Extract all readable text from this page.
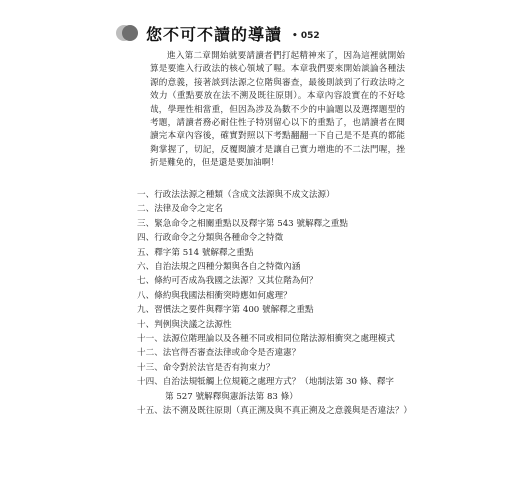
您不可不讀的導讀 • 052

進入第二章開始就要請讀者們打起精神來了，因為這裡就開始算是要進入行政法的核心領域了喔。本章我們要來開始談論各種法源的意義，接著談到法源之位階與審查，最後則談到了行政法時之效力（重點要放在法不溯及既往原則）。本章內容設實在的不好唸哉，學理性相當重，但因為涉及為數不少的申論題以及選擇題型的考題，請讀者務必耐住性子特別留心以下的重點了，也請讀者在閱讀完本章內容後，確實對照以下考點翻翻一下自己是不是真的都能夠掌握了，切記，反覆閱讀才是讓自己實力增進的不二法門喔，挫折是難免的，但是還是要加油啊！

一、行政法法源之種類（含成文法源與不成文法源）
二、法律及命令之定名
三、緊急命令之相關重點以及釋字第 543 號解釋之重點
四、行政命令之分類與各種命令之特徵
五、釋字第 514 號解釋之重點
六、自治法規之四種分類與各自之特徵內涵
七、條約可否成為我國之法源？又其位階為何？
八、條約與我國法相衝突時應如何處理？
九、習慣法之要件與釋字第 400 號解釋之重點
十、判例與決議之法源性
十一、法源位階理論以及各種不同或相同位階法源相衝突之處理模式
十二、法官得否審查法律或命令是否違憲？
十三、命令對於法官是否有拘束力？
十四、自治法規牴觸上位規範之處理方式？（地制法第 30 條、釋字第 527 號解釋與憲訴法第 83 條）
十五、法不溯及既往原則（真正溯及與不真正溯及之意義與是否違法？）
